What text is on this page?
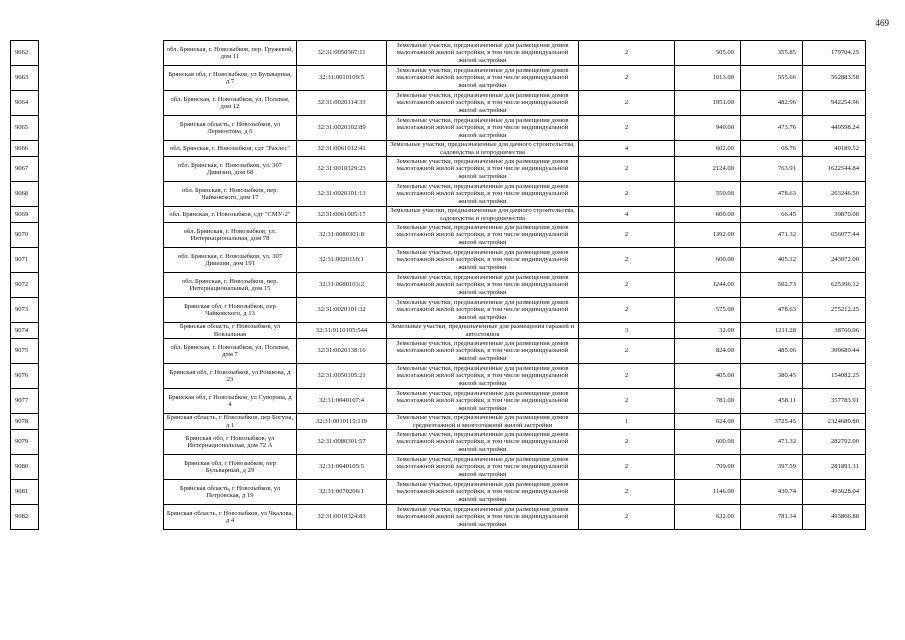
469
9062		обл. Брянская, г. Новозыбков, пер. Гружевой, дом 11	32:31:0050307:11	Земельные участки, предназначенные для размещения домов малоэтажной жилой застройки, в том числе индивидуальной жилой застройки	2	505.00	355.85	179704.25
9063		Брянская обл, г Новозыбков, ул Бульварная, д 7	32:31:0010109:5	Земельные участки, предназначенные для размещения домов малоэтажной жилой застройки, в том числе индивидуальной жилой застройки	2	1013.00	555.66	562883.58
9064		обл. Брянская, г. Новозыбков, ул. Полевая, дом 12	32:31:0020114:33	Земельные участки, предназначенные для размещения домов малоэтажной жилой застройки, в том числе индивидуальной жилой застройки	2	1951.00	482.96	942254.96
9065		Брянская область, г Новозыбков, ул Лермонтова, д 6	32:31:0020102:89	Земельные участки, предназначенные для размещения домов малоэтажной жилой застройки, в том числе индивидуальной жилой застройки	2	949.00	473.76	449598.24
9066		обл. Брянская, г. Новозыбков, сдт "Рахлес"	32:31:0061012:41	Земельные участки, предназначенные для дачного строительства, садоводства и огородничества	4	602.00	66.76	40189.52
9067		обл. Брянская, г. Новозыбков, ул. 307 Дивизии, дом 68	32:31:0010329:23	Земельные участки, предназначенные для размещения домов малоэтажной жилой застройки, в том числе индивидуальной жилой застройки	2	2124.00	763.91	1622544.84
9068		обл. Брянская, г. Новозыбков, пер. Чайковского, дом 17	32:31:0020101:13	Земельные участки, предназначенные для размещения домов малоэтажной жилой застройки, в том числе индивидуальной жилой застройки	2	550.00	478.63	263246.50
9069		обл. Брянская, г. Новозыбков, сдт "СМУ-2"	32:31:0061005:17	Земельные участки, предназначенные для дачного строительства, садоводства и огородничества	4	600.00	66.45	39870.00
9070		обл. Брянская, г. Новозыбков, ул. Интернациональная, дом 78	32:31:0080301:8	Земельные участки, предназначенные для размещения домов малоэтажной жилой застройки, в том числе индивидуальной жилой застройки	2	1392.00	471.32	656077.44
9071		обл. Брянская, г. Новозыбков, ул. 307 Дивизии, дом 191	32:31:0020116:1	Земельные участки, предназначенные для размещения домов малоэтажной жилой застройки, в том числе индивидуальной жилой застройки	2	600.00	405.12	243072.00
9072		обл. Брянская, г. Новозыбков, пер. Интернациональный, дом 15	32:31:0080103:2	Земельные участки, предназначенные для размещения домов малоэтажной жилой застройки, в том числе индивидуальной жилой застройки	2	1244.00	502.73	625396.12
9073		Брянская обл, г Новозыбков, пер Чайковского, д 13	32:31:0020101:32	Земельные участки, предназначенные для размещения домов малоэтажной жилой застройки, в том числе индивидуальной жилой застройки	2	575.00	478.63	275212.25
9074		Брянская область, г Новозыбков, ул Вокзальная	32:31:0110105:544	Земельные участки, предназначенные для размещения гаражей и автостоянок	3	32.00	1211.28	38760.96
9075		обл. Брянская, г. Новозыбков, ул. Полевая, дом 7	32:31:0020138:16	Земельные участки, предназначенные для размещения домов малоэтажной жилой застройки, в том числе индивидуальной жилой застройки	2	824.00	485.06	399689.44
9076		Брянская обл, г Новозыбков, ул Рошкова, д 23	32:31:0050105:21	Земельные участки, предназначенные для размещения домов малоэтажной жилой застройки, в том числе индивидуальной жилой застройки	2	405.00	380.45	154082.25
9077		Брянская обл, г Новозыбков, ул Суворова, д 4	32:31:0040107:4	Земельные участки, предназначенные для размещения домов малоэтажной жилой застройки, в том числе индивидуальной жилой застройки	2	781.00	458.11	357783.91
9078		Брянская область, г Новозыбков, пер Богуна, д 1	32:31:0010115:119	Земельные участки, предназначенные для размещения домов среднеэтажной и многоэтажной жилой застройки	1	624.00	3725.45	2324680.80
9079		Брянская обл, г Новозыбков, ул Интернациональная, дом 72 А	32:31:0080301:57	Земельные участки, предназначенные для размещения домов малоэтажной жилой застройки, в том числе индивидуальной жилой застройки	2	600.00	471.32	282792.00
9080		Брянская обл, г Новозыбков, пер Бульварный, д 29	32:31:0040105:5	Земельные участки, предназначенные для размещения домов малоэтажной жилой застройки, в том числе индивидуальной жилой застройки	2	709.00	397.59	281891.31
9081		Брянская область, г Новозыбков, ул Петровская, д 19	32:31:0070206:1	Земельные участки, предназначенные для размещения домов малоэтажной жилой застройки, в том числе индивидуальной жилой застройки	2	1146.00	430.74	493628.04
9082		Брянская область, г Новозыбков, ул Чкалова, д 4	32:31:0010324:83	Земельные участки, предназначенные для размещения домов малоэтажной жилой застройки, в том числе индивидуальной жилой застройки	2	632.00	781.34	493806.88
